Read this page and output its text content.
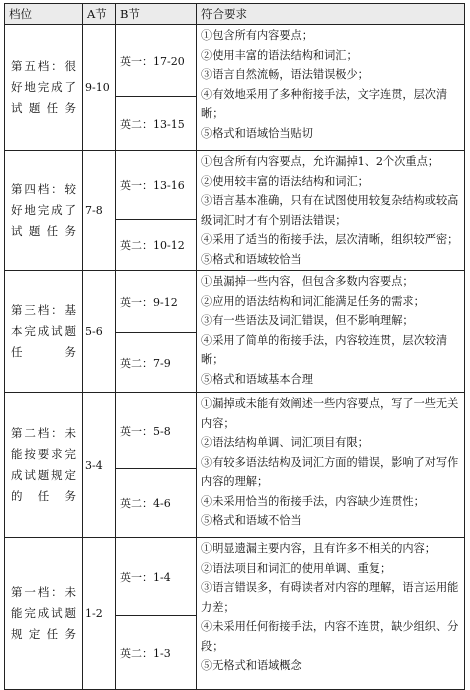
档位	A节	B节	符合要求
第五档：很好地完成了试题任务	9-10	英一：17-20	①包含所有内容要点；

②使用丰富的语法结构和词汇；

③语言自然流畅，语法错误极少；

④有效地采用了多种衔接手法，文字连贯，层次清晰；

⑤格式和语域恰当贴切

		英二：13-15	
第四档：较好地完成了试题任务	7-8	英一：13-16	①包含所有内容要点，允许漏掉1、2个次重点；

②使用较丰富的语法结构和词汇；

③语言基本准确，只有在试图使用较复杂结构或较高级词汇时才有个别语法错误；

④采用了适当的衔接手法，层次清晰，组织较严密；

⑤格式和语域较恰当

		英二：10-12	
第三档：基本完成试题任务	5-6	英一：9-12	①虽漏掉一些内容，但包含多数内容要点；

②应用的语法结构和词汇能满足任务的需求；

③有一些语法及词汇错误，但不影响理解；

④采用了简单的衔接手法，内容较连贯，层次较清晰；

⑤格式和语域基本合理

		英二：7-9	
第二档：未能按要求完成试题规定的任务	3-4	英一：5-8	①漏掉或未能有效阐述一些内容要点，写了一些无关内容；

②语法结构单调、词汇项目有限；

③有较多语法结构及词汇方面的错误，影响了对写作内容的理解；

④未采用恰当的衔接手法，内容缺少连贯性；

⑤格式和语域不恰当

		英二：4-6	
第一档：未能完成试题规定任务	1-2	英一：1-4	①明显遗漏主要内容，且有许多不相关的内容；

②语法项目和词汇的使用单调、重复；

③语言错误多，有碍读者对内容的理解，语言运用能力差；

④未采用任何衔接手法，内容不连贯，缺少组织、分段；

⑤无格式和语域概念

		英二：1-3	
